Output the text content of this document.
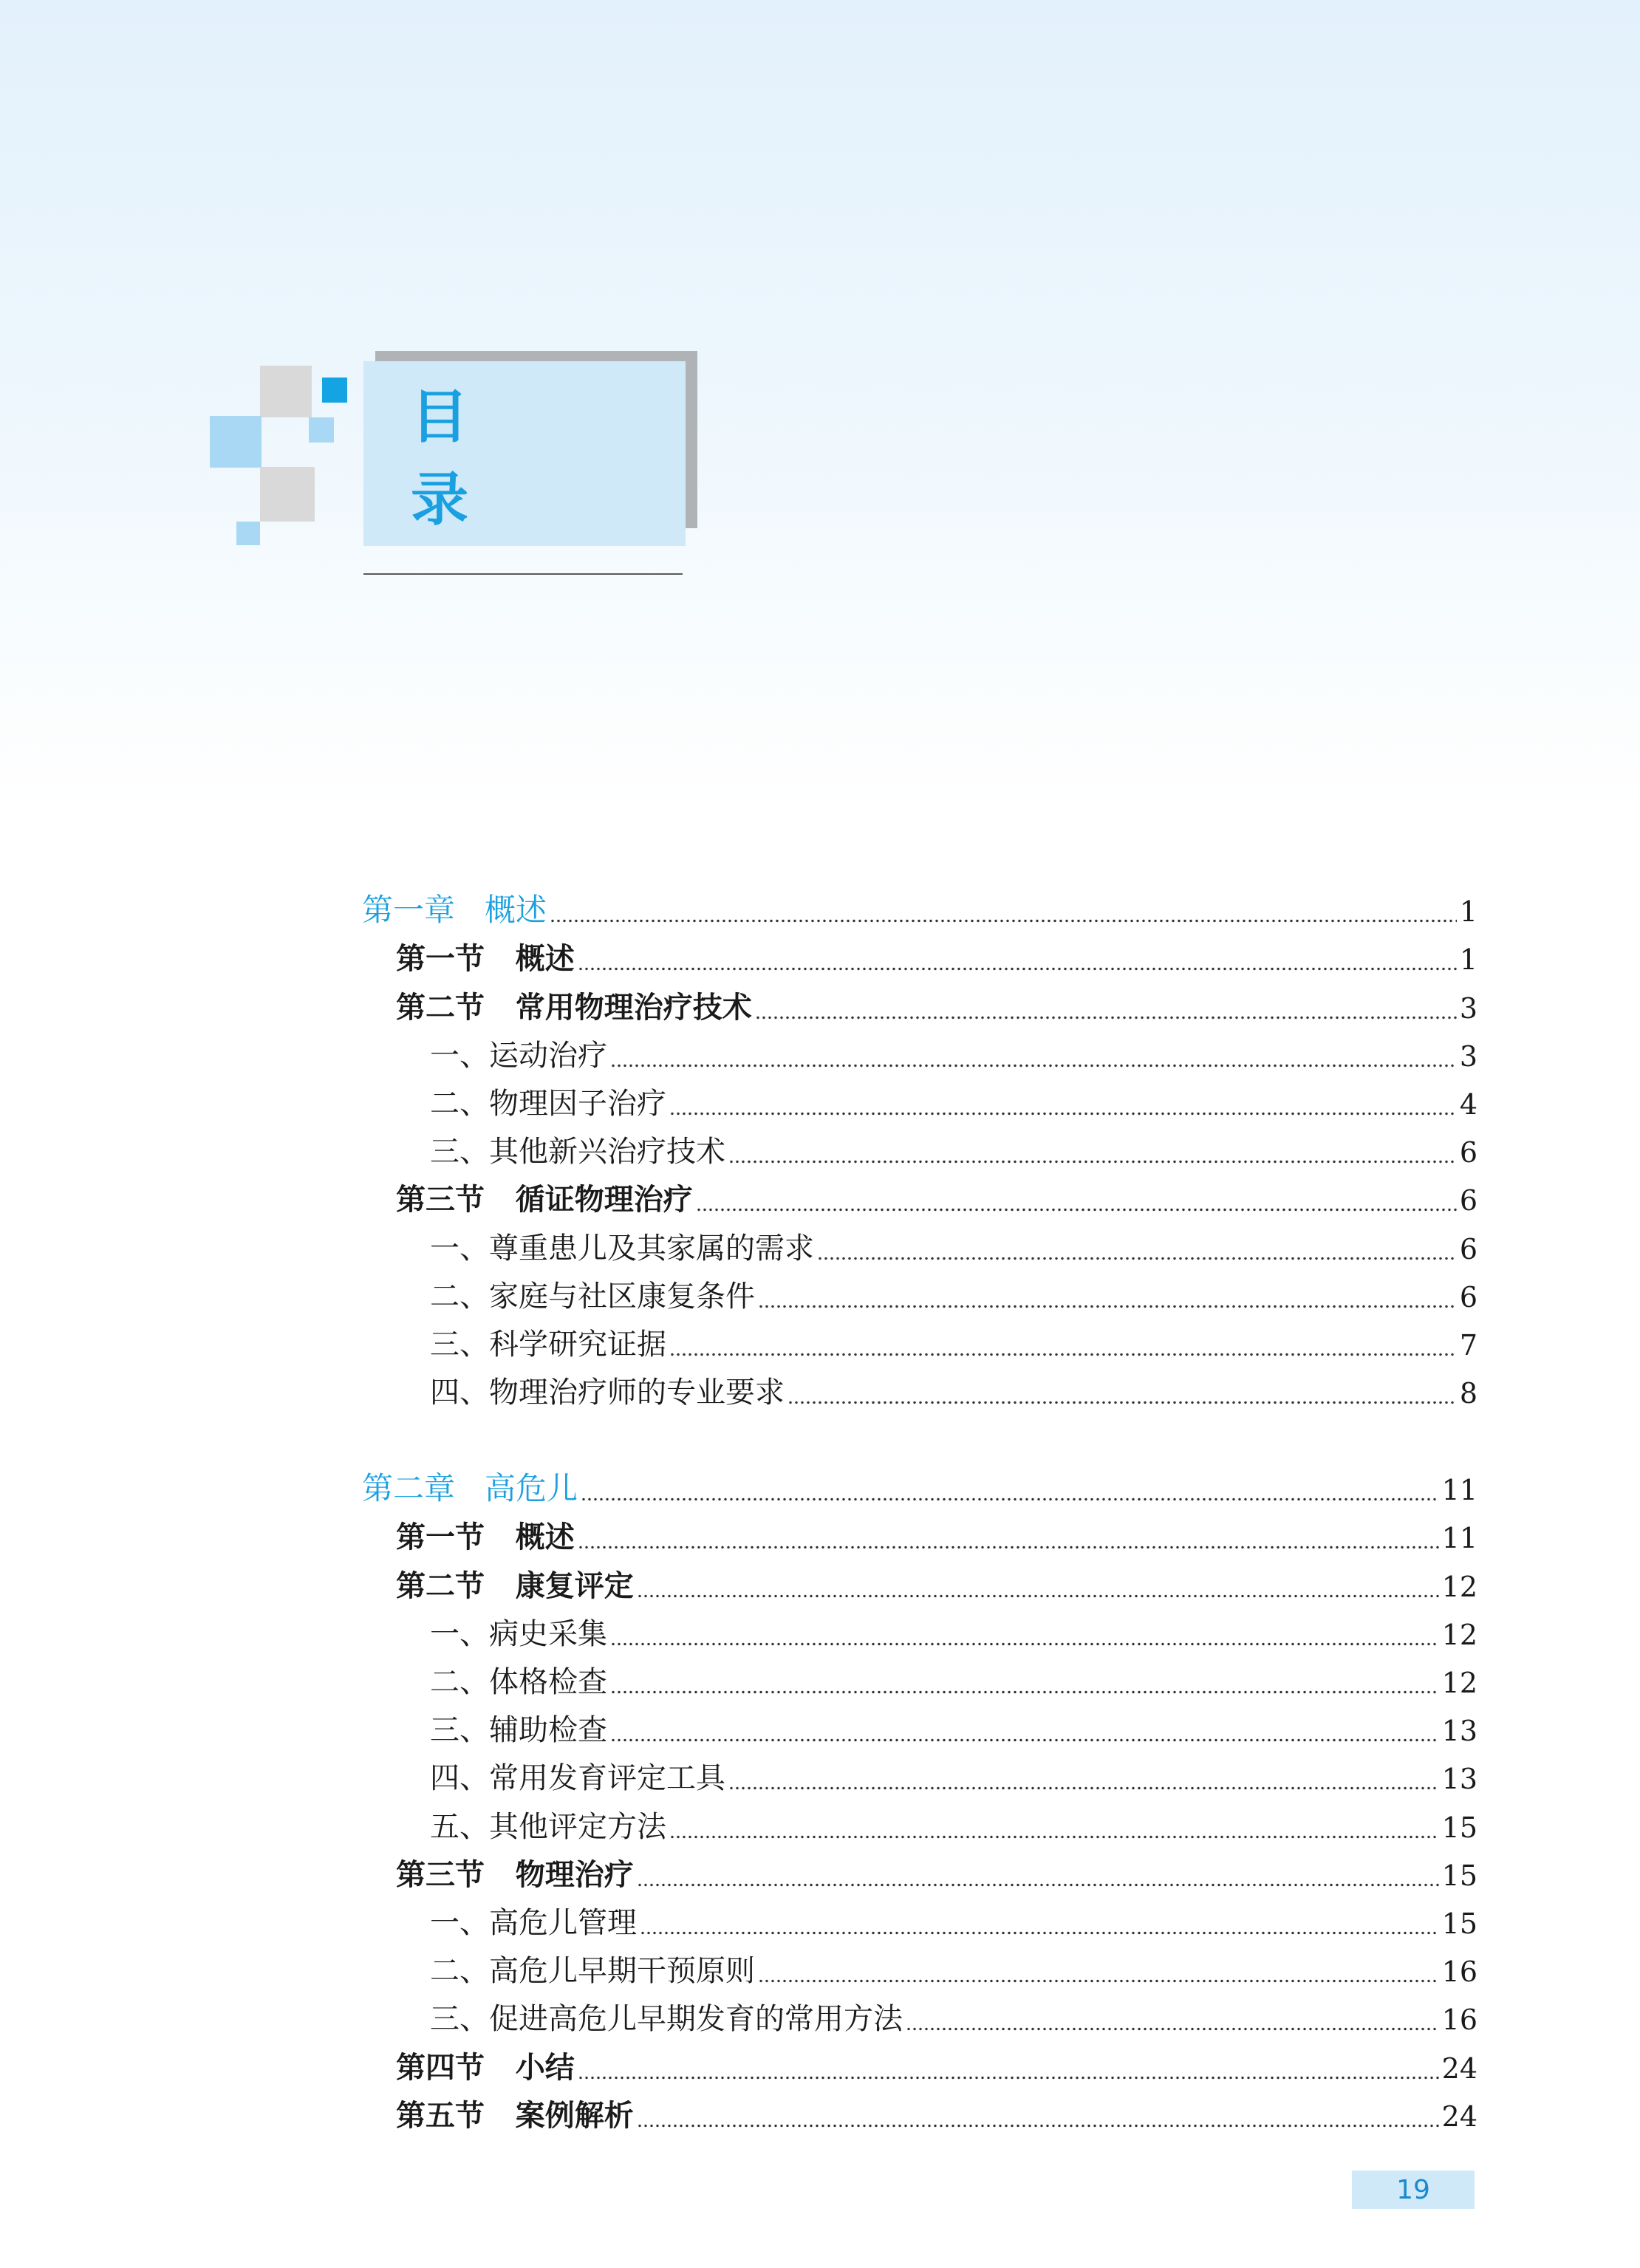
目 录
第一章   概述	1
第一节   概述	1
第二节   常用物理治疗技术	3
一、运动治疗	3
二、物理因子治疗	4
三、其他新兴治疗技术	6
第三节   循证物理治疗	6
一、尊重患儿及其家属的需求	6
二、家庭与社区康复条件	6
三、科学研究证据	7
四、物理治疗师的专业要求	8
第二章   高危儿	11
第一节   概述	11
第二节   康复评定	12
一、病史采集	12
二、体格检查	12
三、辅助检查	13
四、常用发育评定工具	13
五、其他评定方法	15
第三节   物理治疗	15
一、高危儿管理	15
二、高危儿早期干预原则	16
三、促进高危儿早期发育的常用方法	16
第四节   小结	24
第五节   案例解析	24
19
